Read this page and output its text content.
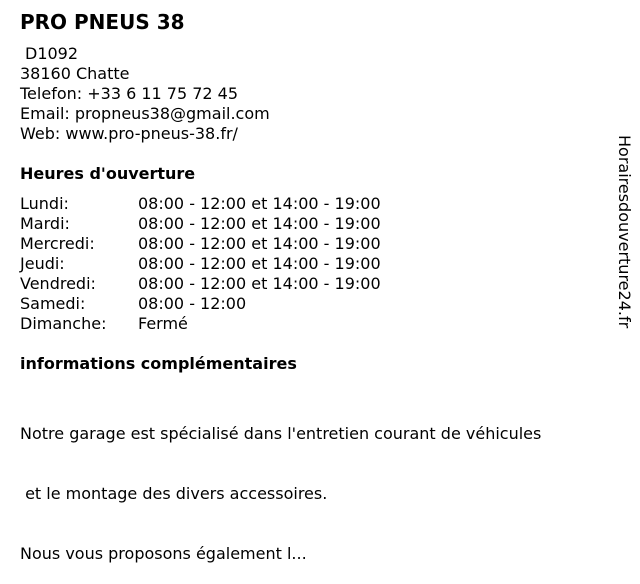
PRO PNEUS 38
D1092
38160 Chatte
Telefon: +33 6 11 75 72 45
Email: propneus38@gmail.com
Web: www.pro-pneus-38.fr/
Heures d'ouverture
Lundi:	08:00 - 12:00 et 14:00 - 19:00
Mardi:	08:00 - 12:00 et 14:00 - 19:00
Mercredi:	08:00 - 12:00 et 14:00 - 19:00
Jeudi:	08:00 - 12:00 et 14:00 - 19:00
Vendredi:	08:00 - 12:00 et 14:00 - 19:00
Samedi:	08:00 - 12:00
Dimanche:	Fermé
informations complémentaires

Notre garage est spécialisé dans l'entretien courant de véhicules

et le montage des divers accessoires.

Nous vous proposons également l...

Horairesdouverture24.fr
